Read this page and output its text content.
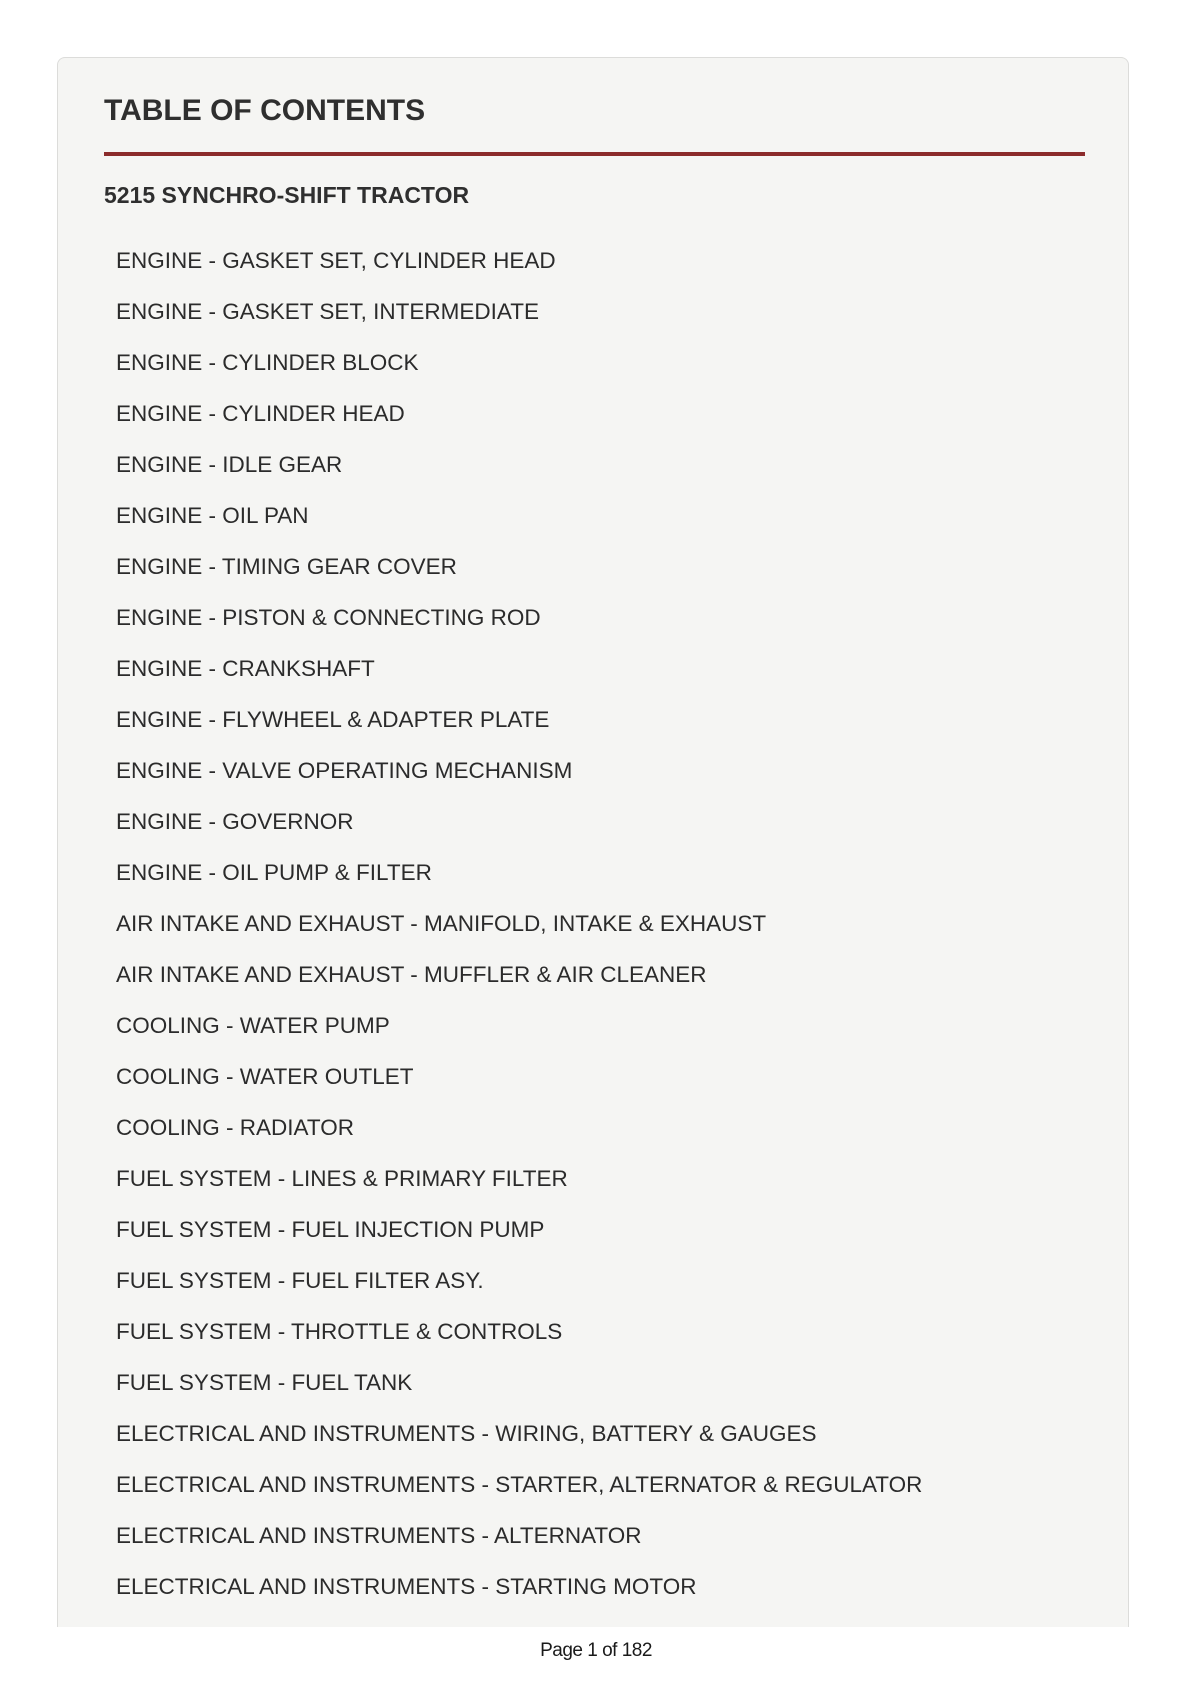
TABLE OF CONTENTS
5215 SYNCHRO-SHIFT TRACTOR
ENGINE - GASKET SET, CYLINDER HEAD
ENGINE - GASKET SET, INTERMEDIATE
ENGINE - CYLINDER BLOCK
ENGINE - CYLINDER HEAD
ENGINE - IDLE GEAR
ENGINE - OIL PAN
ENGINE - TIMING GEAR COVER
ENGINE - PISTON & CONNECTING ROD
ENGINE - CRANKSHAFT
ENGINE - FLYWHEEL & ADAPTER PLATE
ENGINE - VALVE OPERATING MECHANISM
ENGINE - GOVERNOR
ENGINE - OIL PUMP & FILTER
AIR INTAKE AND EXHAUST - MANIFOLD, INTAKE & EXHAUST
AIR INTAKE AND EXHAUST - MUFFLER & AIR CLEANER
COOLING - WATER PUMP
COOLING - WATER OUTLET
COOLING - RADIATOR
FUEL SYSTEM - LINES & PRIMARY FILTER
FUEL SYSTEM - FUEL INJECTION PUMP
FUEL SYSTEM - FUEL FILTER ASY.
FUEL SYSTEM - THROTTLE & CONTROLS
FUEL SYSTEM - FUEL TANK
ELECTRICAL AND INSTRUMENTS - WIRING, BATTERY & GAUGES
ELECTRICAL AND INSTRUMENTS - STARTER, ALTERNATOR & REGULATOR
ELECTRICAL AND INSTRUMENTS - ALTERNATOR
ELECTRICAL AND INSTRUMENTS - STARTING MOTOR
Page 1 of 182
